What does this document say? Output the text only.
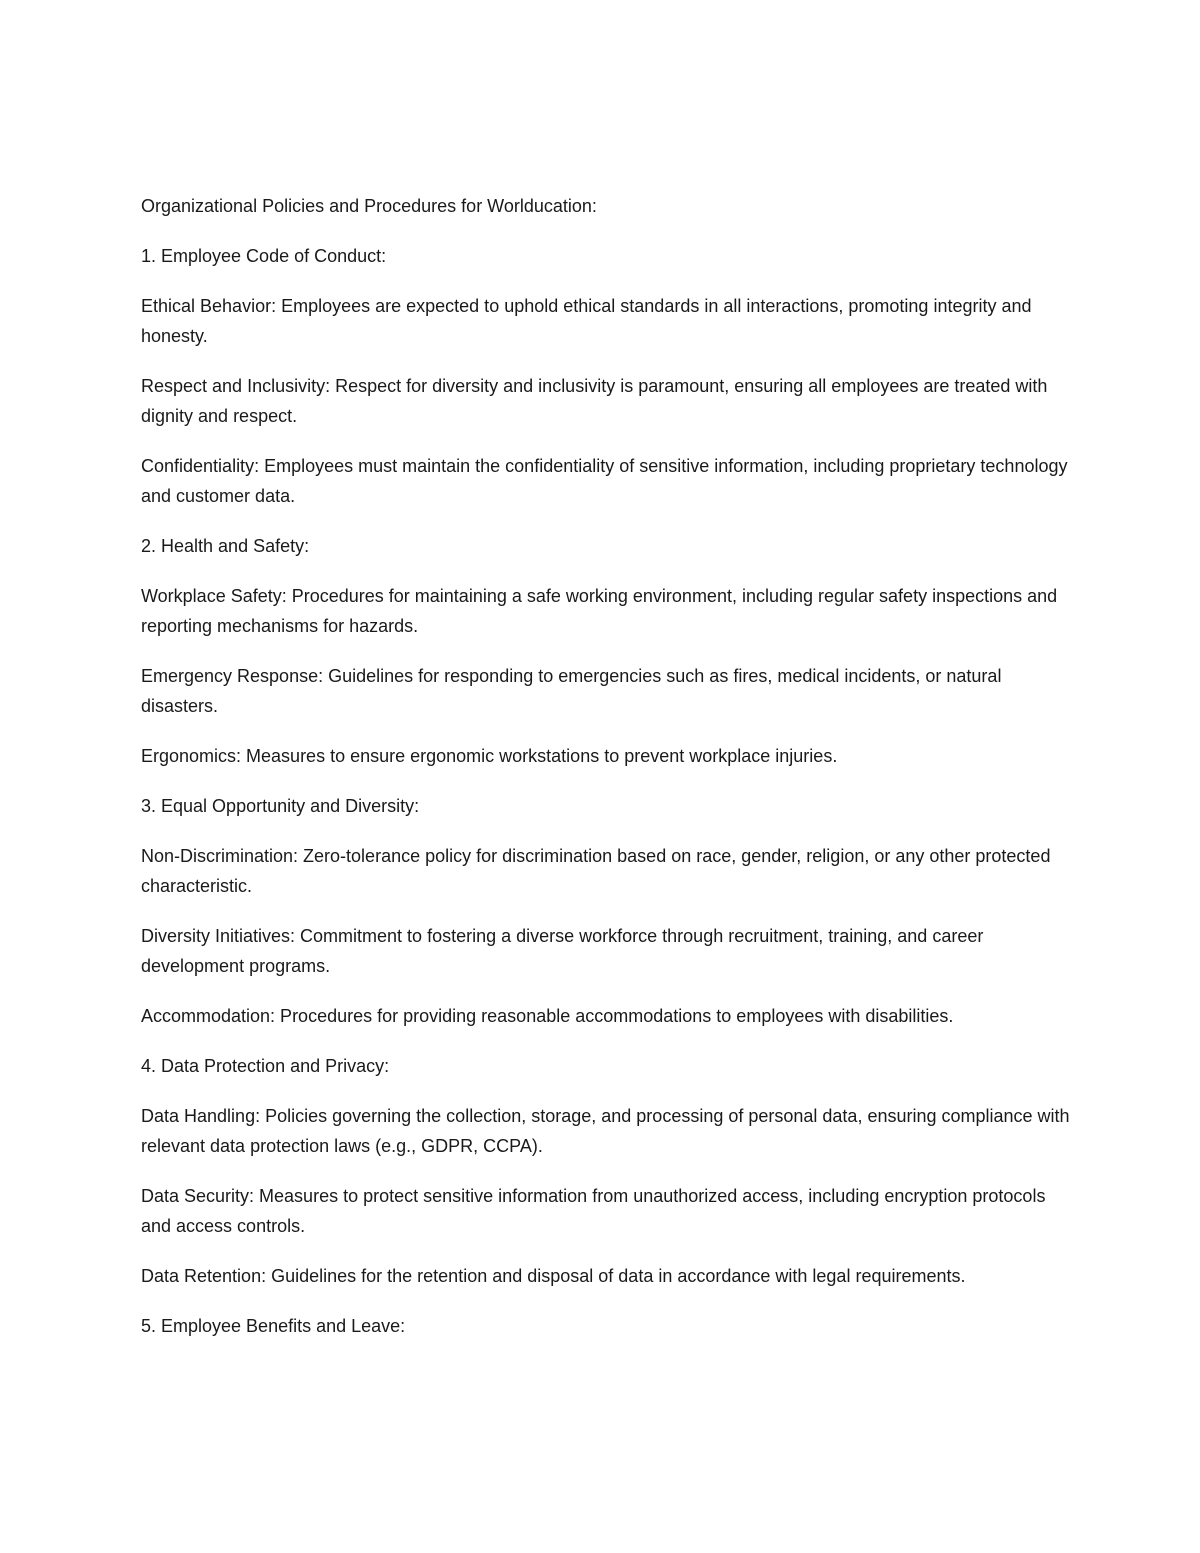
Organizational Policies and Procedures for Worlducation:

1. Employee Code of Conduct:

Ethical Behavior: Employees are expected to uphold ethical standards in all interactions, promoting integrity and honesty.

Respect and Inclusivity: Respect for diversity and inclusivity is paramount, ensuring all employees are treated with dignity and respect.

Confidentiality: Employees must maintain the confidentiality of sensitive information, including proprietary technology and customer data.

2. Health and Safety:

Workplace Safety: Procedures for maintaining a safe working environment, including regular safety inspections and reporting mechanisms for hazards.

Emergency Response: Guidelines for responding to emergencies such as fires, medical incidents, or natural disasters.

Ergonomics: Measures to ensure ergonomic workstations to prevent workplace injuries.

3. Equal Opportunity and Diversity:

Non-Discrimination: Zero-tolerance policy for discrimination based on race, gender, religion, or any other protected characteristic.

Diversity Initiatives: Commitment to fostering a diverse workforce through recruitment, training, and career development programs.

Accommodation: Procedures for providing reasonable accommodations to employees with disabilities.

4. Data Protection and Privacy:

Data Handling: Policies governing the collection, storage, and processing of personal data, ensuring compliance with relevant data protection laws (e.g., GDPR, CCPA).

Data Security: Measures to protect sensitive information from unauthorized access, including encryption protocols and access controls.

Data Retention: Guidelines for the retention and disposal of data in accordance with legal requirements.

5. Employee Benefits and Leave:
